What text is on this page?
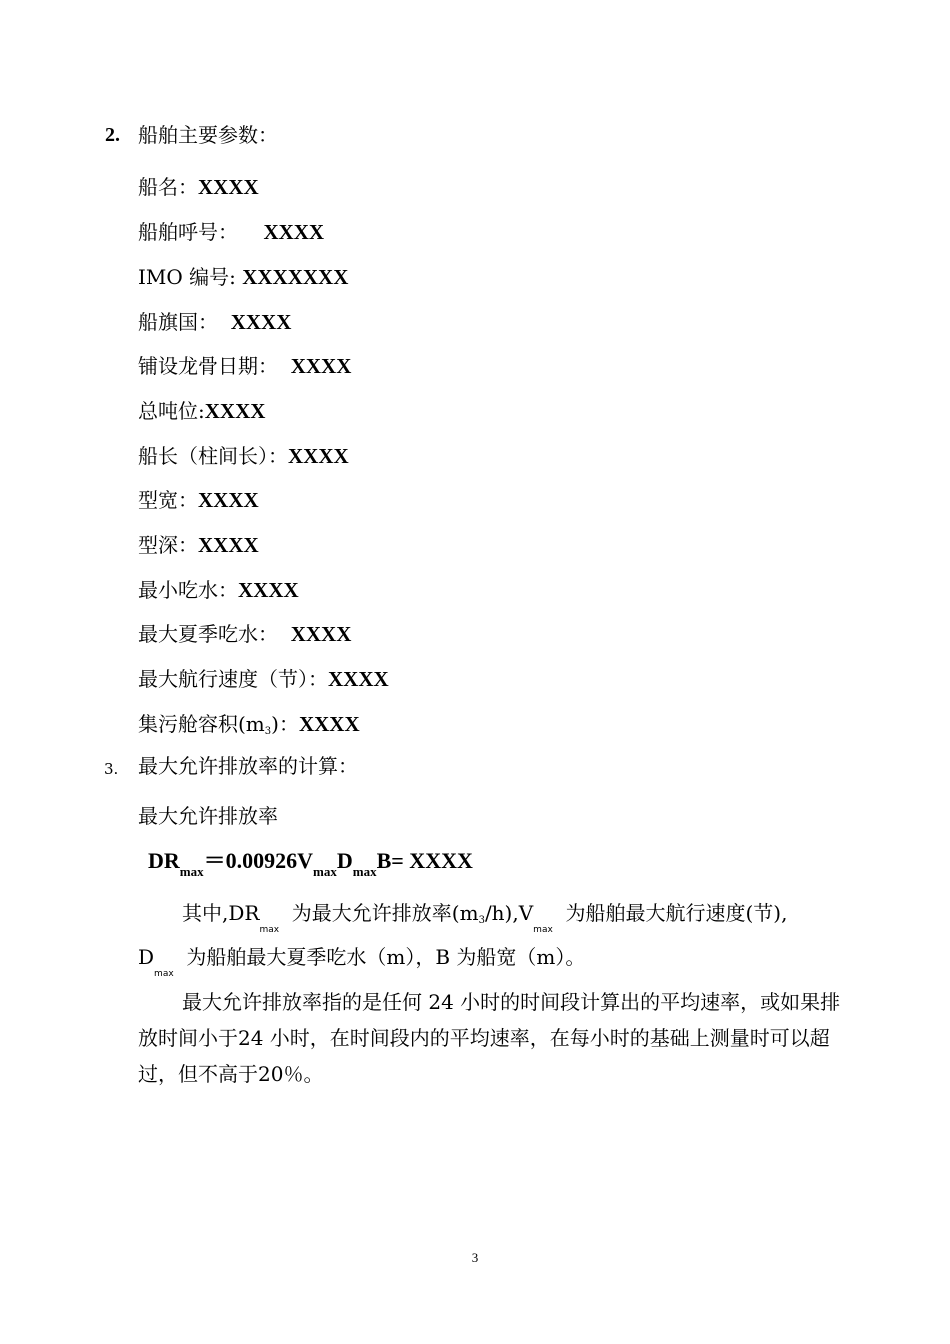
2. 船舶主要参数：
船名：XXXX
船舶呼号： XXXX
IMO 编号: XXXXXXX
船旗国： XXXX
铺设龙骨日期： XXXX
总吨位:XXXX
船长（柱间长）：XXXX
型宽：XXXX
型深：XXXX
最小吃水：XXXX
最大夏季吃水： XXXX
最大航行速度（节）：XXXX
集污舱容积(m3)：XXXX
3. 最大允许排放率的计算：
最大允许排放率
$DR_{max}=0.00926V_{max}D_{max}B=$ XXXX
其中$,DR_{max}$  为最大允许排放率$(m3/h),V_{max}$  为船舶最大航行速度(节),
$D_{max}$  为船舶最大夏季吃水（m），B 为船宽（m）。
最大允许排放率指的是任何 24 小时的时间段计算出的平均速率，或如果排放时间小于24 小时，在时间段内的平均速率，在每小时的基础上测量时可以超过，但不高于20％。
3
